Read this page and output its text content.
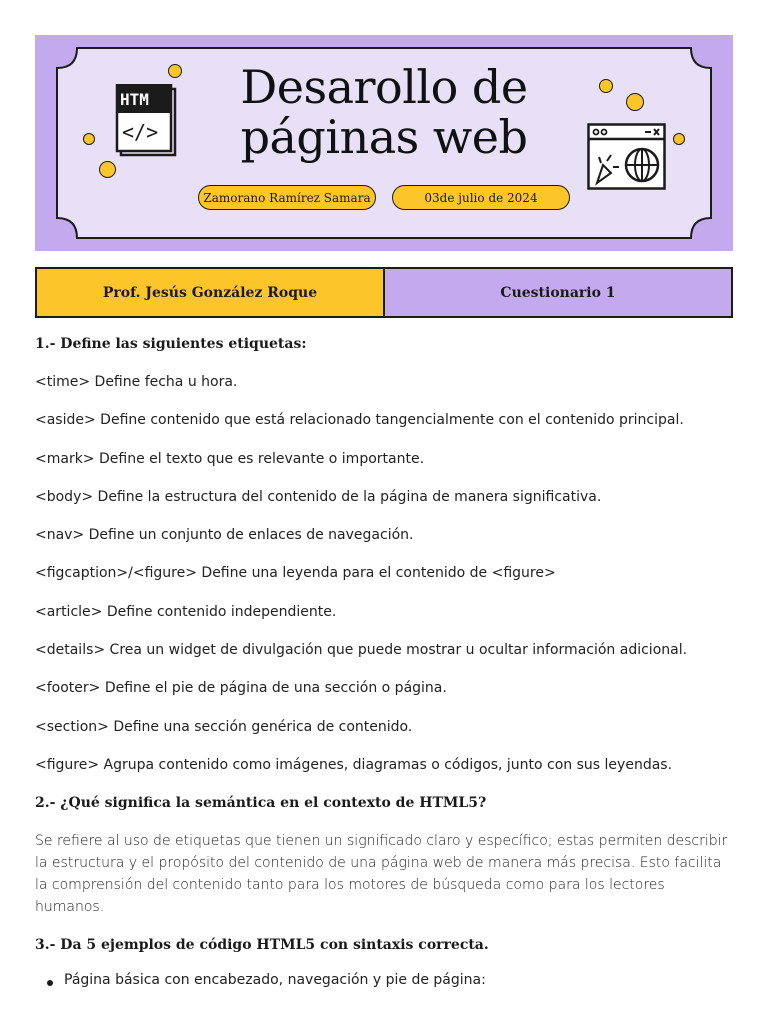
HTM
</>
Desarollo de
páginas web
Zamorano Ramírez Samara	03de julio de 2024
Prof. Jesús González Roque	Cuestionario 1

1.- Define las siguientes etiquetas:

<time> Define fecha u hora.

<aside> Define contenido que está relacionado tangencialmente con el contenido principal.

<mark> Define el texto que es relevante o importante.

<body> Define la estructura del contenido de la página de manera significativa.

<nav> Define un conjunto de enlaces de navegación.

<figcaption>/<figure> Define una leyenda para el contenido de <figure>

<article> Define contenido independiente.

<details> Crea un widget de divulgación que puede mostrar u ocultar información adicional.

<footer> Define el pie de página de una sección o página.

<section> Define una sección genérica de contenido.

<figure> Agrupa contenido como imágenes, diagramas o códigos, junto con sus leyendas.

2.- ¿Qué significa la semántica en el contexto de HTML5?

Se refiere al uso de etiquetas que tienen un significado claro y específico; estas permiten describir la estructura y el propósito del contenido de una página web de manera más precisa. Esto facilita la comprensión del contenido tanto para los motores de búsqueda como para los lectores humanos.

3.- Da 5 ejemplos de código HTML5 con sintaxis correcta.

Página básica con encabezado, navegación y pie de página:
